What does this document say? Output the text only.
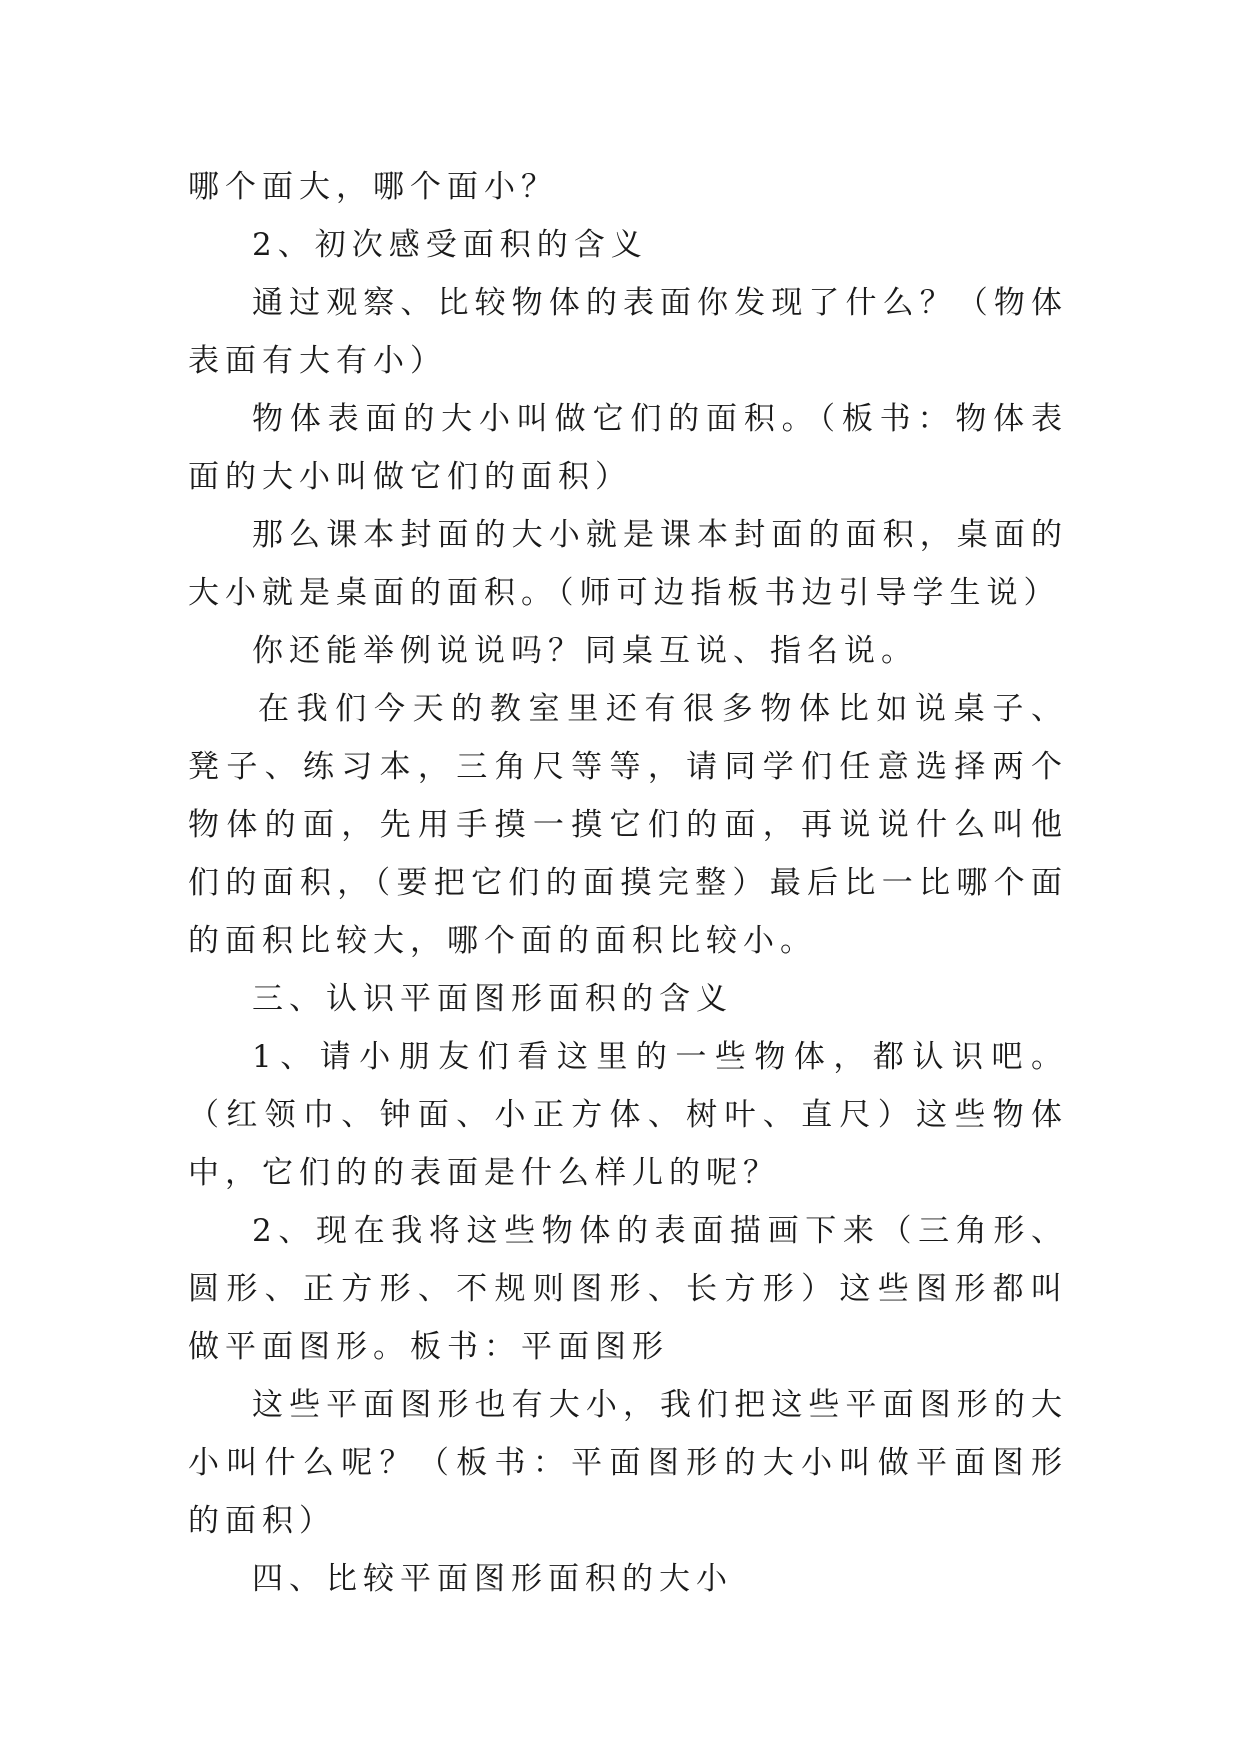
哪个面大，哪个面小？

2、初次感受面积的含义

通过观察、比较物体的表面你发现了什么？（物体表面有大有小）

物体表面的大小叫做它们的面积。（板书：物体表面的大小叫做它们的面积）

那么课本封面的大小就是课本封面的面积，桌面的大小就是桌面的面积。（师可边指板书边引导学生说）

你还能举例说说吗？同桌互说、指名说。

在我们今天的教室里还有很多物体比如说桌子、凳子、练习本，三角尺等等，请同学们任意选择两个物体的面，先用手摸一摸它们的面，再说说什么叫他们的面积，（要把它们的面摸完整）最后比一比哪个面的面积比较大，哪个面的面积比较小。

三、认识平面图形面积的含义

1、请小朋友们看这里的一些物体，都认识吧。（红领巾、钟面、小正方体、树叶、直尺）这些物体中，它们的的表面是什么样儿的呢？

2、现在我将这些物体的表面描画下来（三角形、圆形、正方形、不规则图形、长方形）这些图形都叫做平面图形。板书：平面图形

这些平面图形也有大小，我们把这些平面图形的大小叫什么呢？（板书：平面图形的大小叫做平面图形的面积）

四、比较平面图形面积的大小
